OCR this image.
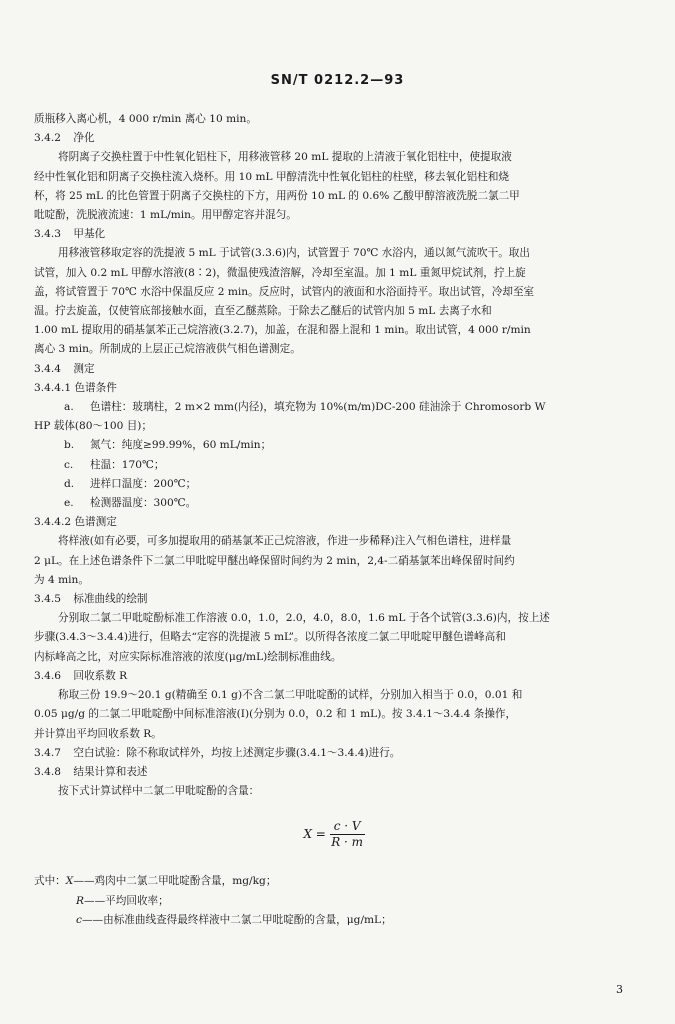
SN/T 0212.2—93

质瓶移入离心机，4 000 r/min 离心 10 min。

3.4.2 净化

将阴离子交换柱置于中性氧化铝柱下，用移液管移 20 mL 提取的上清液于氧化铝柱中，使提取液

经中性氧化铝和阴离子交换柱流入烧杯。用 10 mL 甲醇清洗中性氧化铝柱的柱壁，移去氧化铝柱和烧

杯，将 25 mL 的比色管置于阴离子交换柱的下方，用两份 10 mL 的 0.6% 乙酸甲醇溶液洗脱二氯二甲

吡啶酚，洗脱液流速：1 mL/min。用甲醇定容并混匀。

3.4.3 甲基化

用移液管移取定容的洗提液 5 mL 于试管(3.3.6)内，试管置于 70℃ 水浴内，通以氮气流吹干。取出

试管，加入 0.2 mL 甲醇水溶液(8∶2)，微温使残渣溶解，冷却至室温。加 1 mL 重氮甲烷试剂，拧上旋

盖，将试管置于 70℃ 水浴中保温反应 2 min。反应时，试管内的液面和水浴面持平。取出试管，冷却至室

温。拧去旋盖，仅使管底部接触水面，直至乙醚蒸除。于除去乙醚后的试管内加 5 mL 去离子水和

1.00 mL 提取用的硝基氯苯正己烷溶液(3.2.7)，加盖，在混和器上混和 1 min。取出试管，4 000 r/min

离心 3 min。所制成的上层正己烷溶液供气相色谱测定。

3.4.4 测定

3.4.4.1 色谱条件

a. 色谱柱：玻璃柱，2 m×2 mm(内径)，填充物为 10%(m/m)DC-200 硅油涂于 Chromosorb W

HP 载体(80～100 目)；

b. 氮气：纯度≥99.99%，60 mL/min；

c. 柱温：170℃；

d. 进样口温度：200℃；

e. 检测器温度：300℃。

3.4.4.2 色谱测定

将样液(如有必要，可多加提取用的硝基氯苯正己烷溶液，作进一步稀释)注入气相色谱柱，进样量

2 μL。在上述色谱条件下二氯二甲吡啶甲醚出峰保留时间约为 2 min，2,4-二硝基氯苯出峰保留时间约

为 4 min。

3.4.5 标准曲线的绘制

分别取二氯二甲吡啶酚标准工作溶液 0.0，1.0，2.0，4.0，8.0，1.6 mL 于各个试管(3.3.6)内，按上述

步骤(3.4.3～3.4.4)进行，但略去“定容的洗提液 5 mL”。以所得各浓度二氯二甲吡啶甲醚色谱峰高和

内标峰高之比，对应实际标准溶液的浓度(μg/mL)绘制标准曲线。

3.4.6 回收系数 R

称取三份 19.9～20.1 g(精确至 0.1 g)不含二氯二甲吡啶酚的试样，分别加入相当于 0.0，0.01 和

0.05 μg/g 的二氯二甲吡啶酚中间标准溶液(Ⅰ)(分别为 0.0，0.2 和 1 mL)。按 3.4.1～3.4.4 条操作，

并计算出平均回收系数 R。

3.4.7 空白试验：除不称取试样外，均按上述测定步骤(3.4.1～3.4.4)进行。

3.4.8 结果计算和表述

按下式计算试样中二氯二甲吡啶酚的含量：

$X = \frac{c \cdot V}{R \cdot m}$

式中：X——鸡肉中二氯二甲吡啶酚含量，mg/kg；

R——平均回收率；

c——由标准曲线查得最终样液中二氯二甲吡啶酚的含量，μg/mL；

3
